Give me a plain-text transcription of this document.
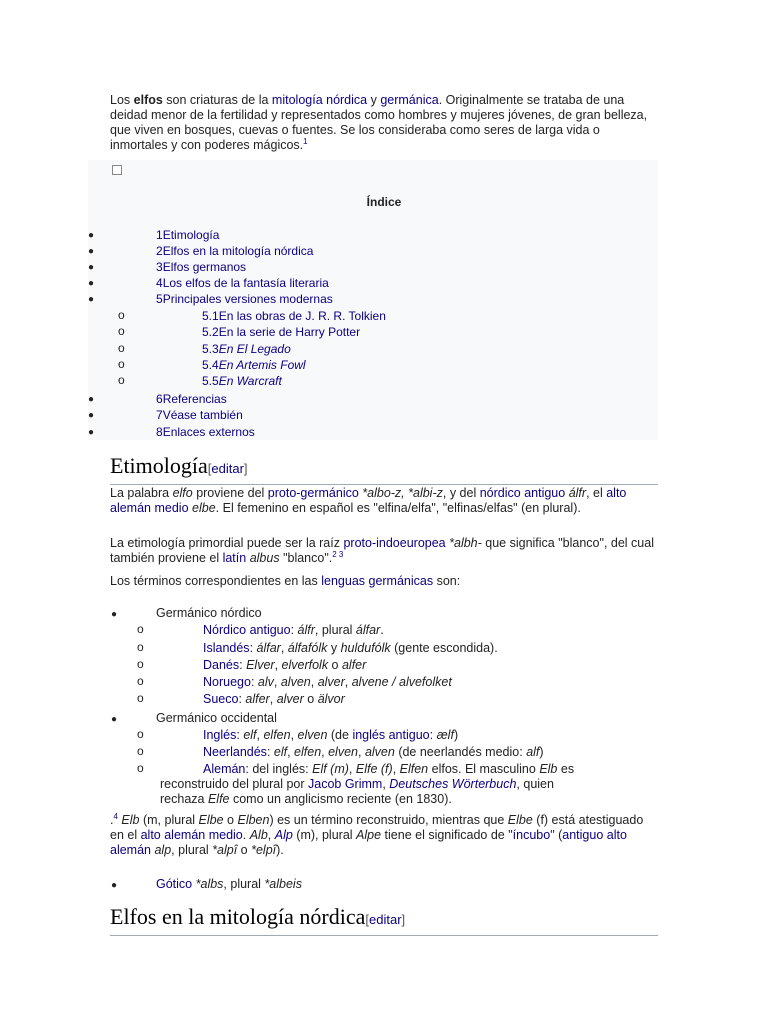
Los elfos son criaturas de la mitología nórdica y germánica. Originalmente se trataba de una deidad menor de la fertilidad y representados como hombres y mujeres jóvenes, de gran belleza, que viven en bosques, cuevas o fuentes. Se los consideraba como seres de larga vida o inmortales y con poderes mágicos.$^1$

Índice
●	1Etimología
●	2Elfos en la mitología nórdica
●	3Elfos germanos
●	4Los elfos de la fantasía literaria
●	5Principales versiones modernas
o	5.1En las obras de J. R. R. Tolkien
o	5.2En la serie de Harry Potter
o	5.3En El Legado
o	5.4En Artemis Fowl
o	5.5En Warcraft
●	6Referencias
●	7Véase también
●	8Enlaces externos
Etimología[editar]

La palabra elfo proviene del proto-germánico *albo-z, *albi-z, y del nórdico antiguo álfr, el alto alemán medio elbe. El femenino en español es "elfina/elfa", "elfinas/elfas" (en plural).

La etimología primordial puede ser la raíz proto-indoeuropea *albh- que significa "blanco", del cual también proviene el latín albus "blanco".$^{2 3}$

Los términos correspondientes en las lenguas germánicas son:

●	Germánico nórdico
o	Nórdico antiguo: álfr, plural álfar.
o	Islandés: álfar, álfafólk y huldufólk (gente escondida).
o	Danés: Elver, elverfolk o alfer
o	Noruego: alv, alven, alver, alvene / alvefolket
o	Sueco: alfer, alver o älvor
●	Germánico occidental
o	Inglés: elf, elfen, elven (de inglés antiguo: ælf)
o	Neerlandés: elf, elfen, elven, alven (de neerlandés medio: alf)
o	Alemán: del inglés: Elf (m), Elfe (f), Elfen elfos. El masculino Elb es
reconstruido del plural por Jacob Grimm, Deutsches Wörterbuch, quien
rechaza Elfe como un anglicismo reciente (en 1830).

.$^4$ Elb (m, plural Elbe o Elben) es un término reconstruido, mientras que Elbe (f) está atestiguado en el alto alemán medio. Alb, Alp (m), plural Alpe tiene el significado de "íncubo" (antiguo alto alemán alp, plural *alpî o *elpî).

●	Gótico *albs, plural *albeis
Elfos en la mitología nórdica[editar]
